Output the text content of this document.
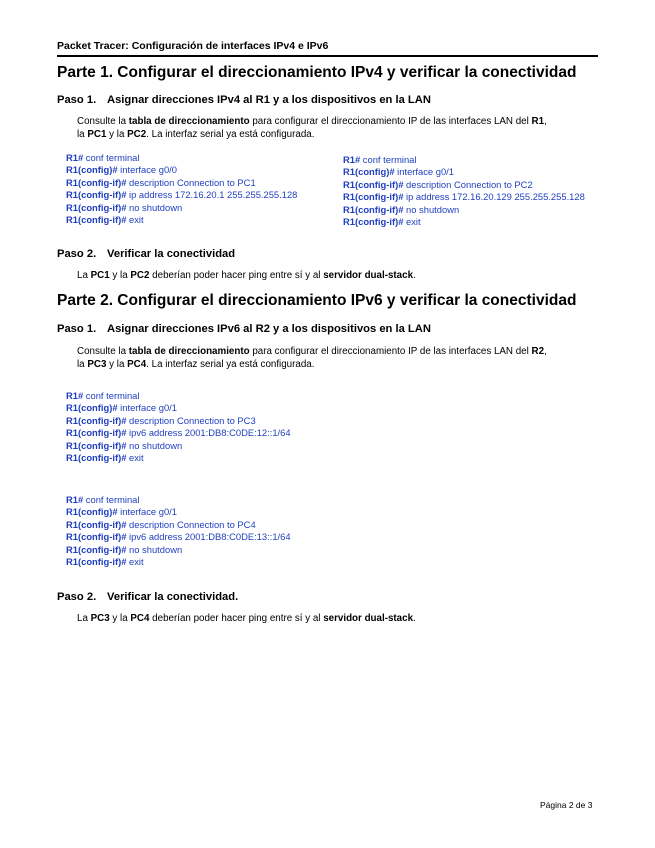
Packet Tracer: Configuración de interfaces IPv4 e IPv6
Parte 1. Configurar el direccionamiento IPv4 y verificar la conectividad
Paso 1. Asignar direcciones IPv4 al R1 y a los dispositivos en la LAN
Consulte la tabla de direccionamiento para configurar el direccionamiento IP de las interfaces LAN del R1,
la PC1 y la PC2. La interfaz serial ya está configurada.
R1# conf terminal
R1(config)# interface g0/0
R1(config-if)# description Connection to PC1
R1(config-if)# ip address 172.16.20.1 255.255.255.128
R1(config-if)# no shutdown
R1(config-if)# exit
R1# conf terminal
R1(config)# interface g0/1
R1(config-if)# description Connection to PC2
R1(config-if)# ip address 172.16.20.129 255.255.255.128
R1(config-if)# no shutdown
R1(config-if)# exit
Paso 2. Verificar la conectividad
La PC1 y la PC2 deberían poder hacer ping entre sí y al servidor dual-stack.
Parte 2. Configurar el direccionamiento IPv6 y verificar la conectividad
Paso 1. Asignar direcciones IPv6 al R2 y a los dispositivos en la LAN
Consulte la tabla de direccionamiento para configurar el direccionamiento IP de las interfaces LAN del R2,
la PC3 y la PC4. La interfaz serial ya está configurada.
R1# conf terminal
R1(config)# interface g0/1
R1(config-if)# description Connection to PC3
R1(config-if)# ipv6 address 2001:DB8:C0DE:12::1/64
R1(config-if)# no shutdown
R1(config-if)# exit
R1# conf terminal
R1(config)# interface g0/1
R1(config-if)# description Connection to PC4
R1(config-if)# ipv6 address 2001:DB8:C0DE:13::1/64
R1(config-if)# no shutdown
R1(config-if)# exit
Paso 2. Verificar la conectividad.
La PC3 y la PC4 deberían poder hacer ping entre sí y al servidor dual-stack.
Página 2 de 3
